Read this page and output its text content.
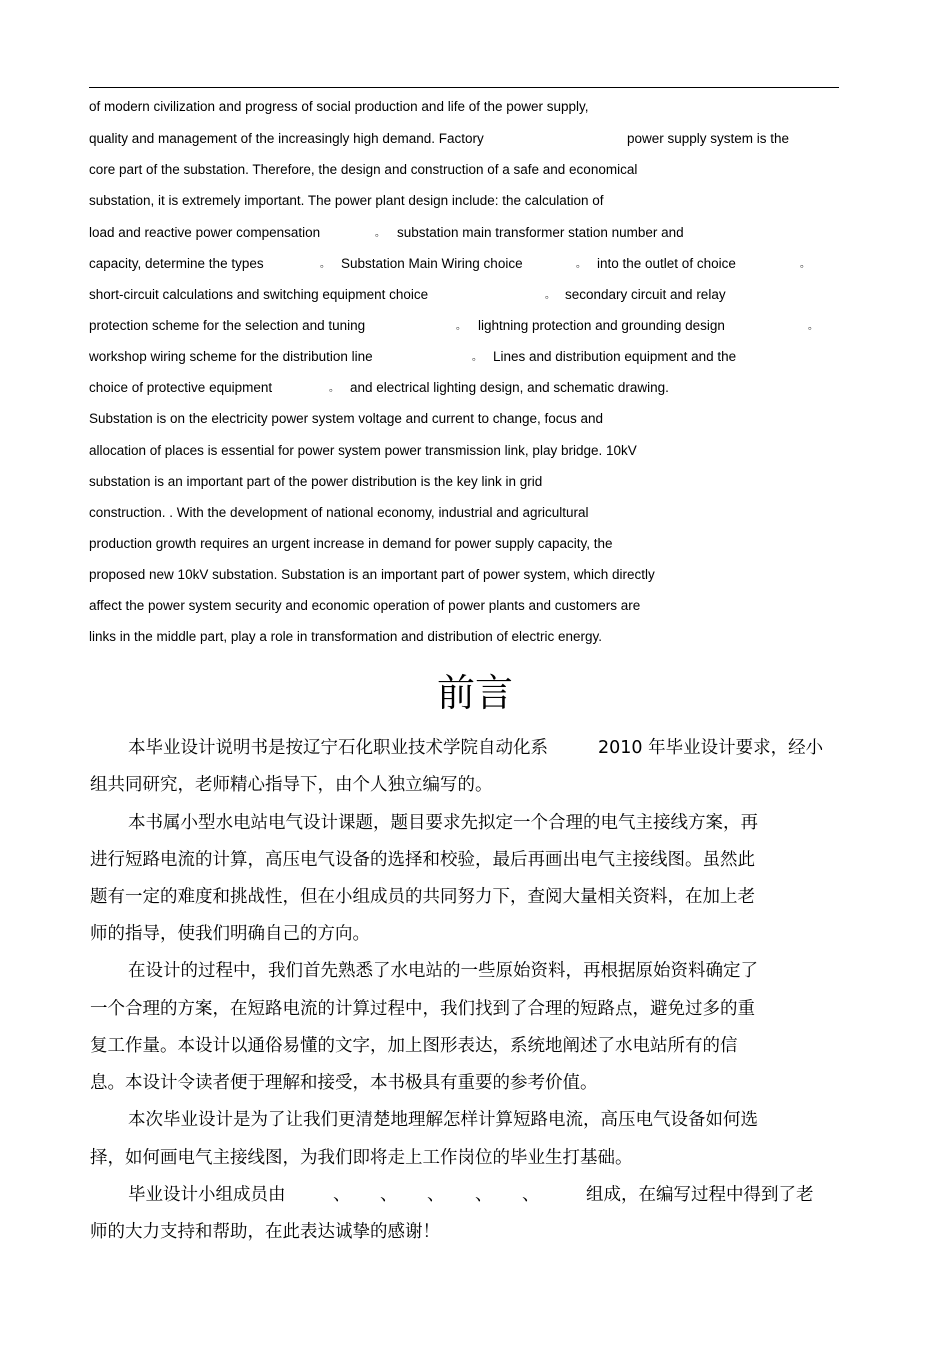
of modern civilization and progress of social production and life of the power supply,
quality and management of the increasingly high demand. Factory	power supply system is the
core part of the substation. Therefore, the design and construction of a safe and economical
substation, it is extremely important. The power plant design include: the calculation of
load and reactive power compensation	。 substation main transformer station number and
capacity, determine the types	。 Substation Main Wiring choice	。 into the outlet of choice	。
short-circuit calculations and switching equipment choice	。 secondary circuit and relay
protection scheme for the selection and tuning	。 lightning protection and grounding design	。
workshop wiring scheme for the distribution line	。 Lines and distribution equipment and the
choice of protective equipment	。 and electrical lighting design, and schematic drawing.
Substation is on the electricity power system voltage and current to change, focus and
allocation of places is essential for power system power transmission link, play bridge. 10kV
substation is an important part of the power distribution is the key link in grid
construction. . With the development of national economy, industrial and agricultural
production growth requires an urgent increase in demand for power supply capacity, the
proposed new 10kV substation. Substation is an important part of power system, which directly
affect the power system security and economic operation of power plants and customers are
links in the middle part, play a role in transformation and distribution of electric energy.
前言
本毕业设计说明书是按辽宁石化职业技术学院自动化系	2010 年毕业设计要求，经小
组共同研究，老师精心指导下，由个人独立编写的。
本书属小型水电站电气设计课题，题目要求先拟定一个合理的电气主接线方案，再
进行短路电流的计算，高压电气设备的选择和校验，最后再画出电气主接线图。虽然此
题有一定的难度和挑战性，但在小组成员的共同努力下，查阅大量相关资料，在加上老
师的指导，使我们明确自己的方向。
在设计的过程中，我们首先熟悉了水电站的一些原始资料，再根据原始资料确定了
一个合理的方案，在短路电流的计算过程中，我们找到了合理的短路点，避免过多的重
复工作量。本设计以通俗易懂的文字，加上图形表达，系统地阐述了水电站所有的信
息。本设计令读者便于理解和接受，本书极具有重要的参考价值。
本次毕业设计是为了让我们更清楚地理解怎样计算短路电流，高压电气设备如何选
择，如何画电气主接线图，为我们即将走上工作岗位的毕业生打基础。
毕业设计小组成员由	、 、 、 、 、	组成，在编写过程中得到了老
师的大力支持和帮助，在此表达诚挚的感谢！
